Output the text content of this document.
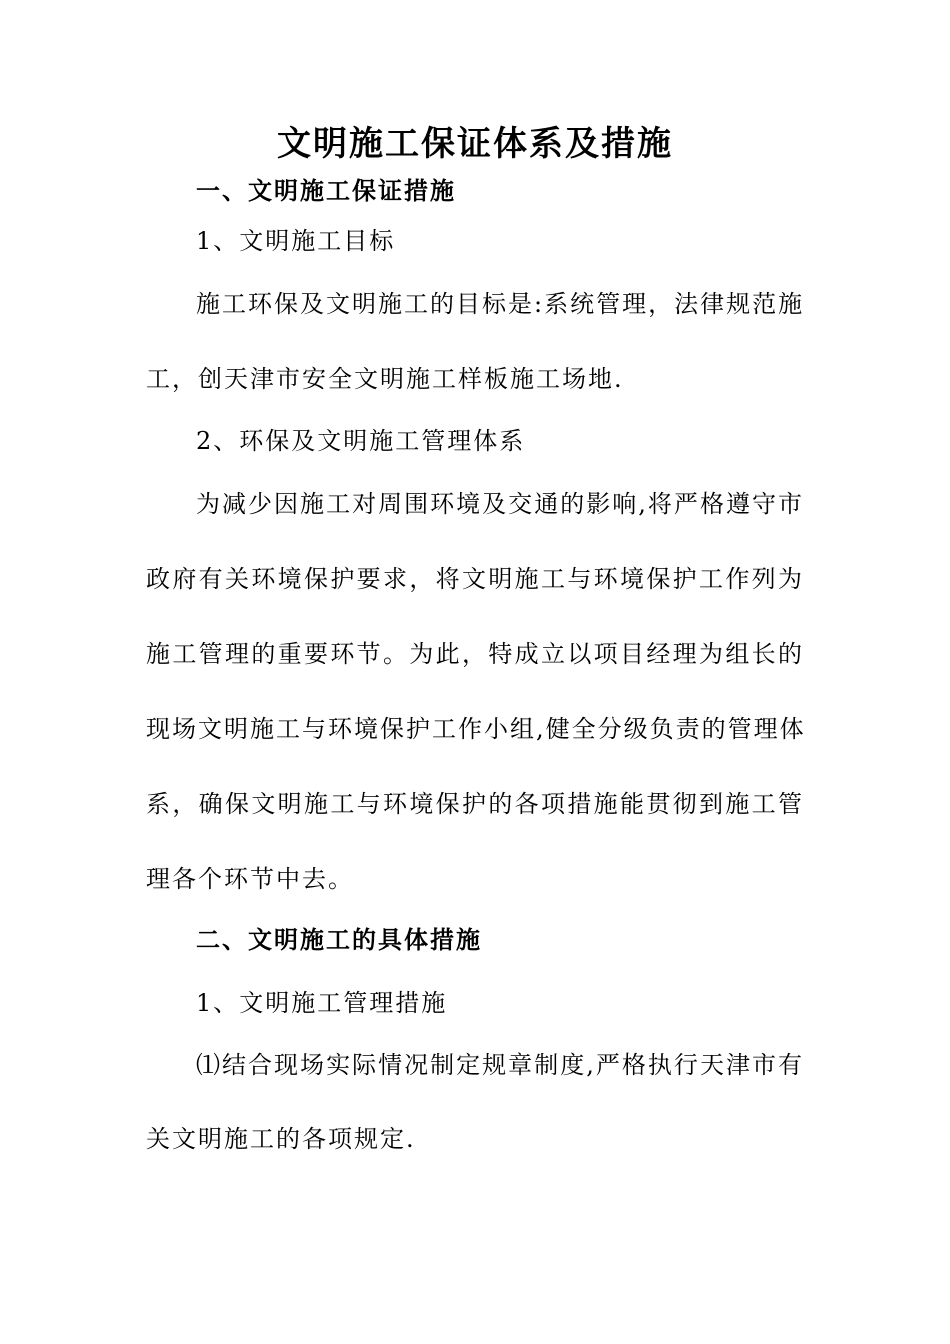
文明施工保证体系及措施
一、文明施工保证措施
1、文明施工目标
施工环保及文明施工的目标是:系统管理，法律规范施
工，创天津市安全文明施工样板施工场地.
2、环保及文明施工管理体系
为减少因施工对周围环境及交通的影响,将严格遵守市
政府有关环境保护要求，将文明施工与环境保护工作列为
施工管理的重要环节。为此，特成立以项目经理为组长的
现场文明施工与环境保护工作小组,健全分级负责的管理体
系，确保文明施工与环境保护的各项措施能贯彻到施工管
理各个环节中去。
二、文明施工的具体措施
1、文明施工管理措施
⑴结合现场实际情况制定规章制度,严格执行天津市有
关文明施工的各项规定.
